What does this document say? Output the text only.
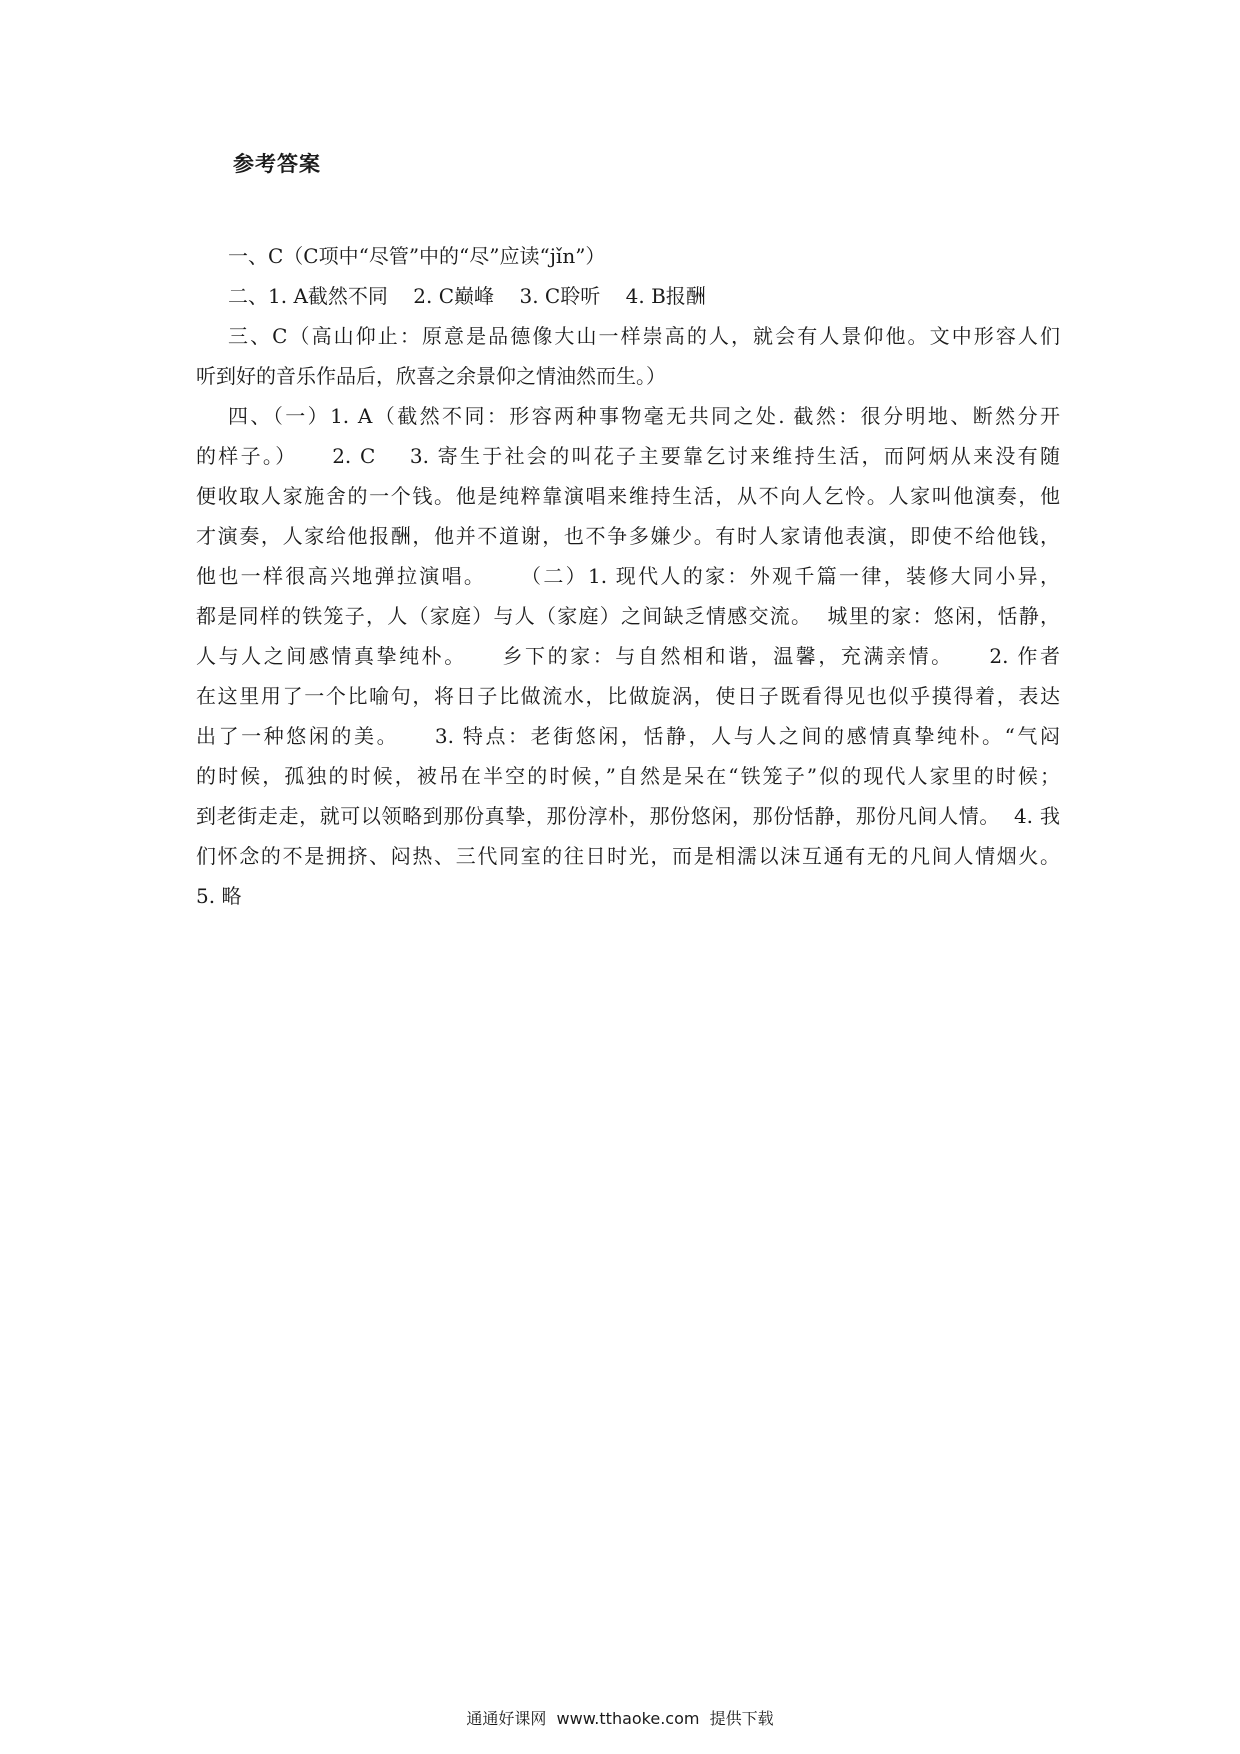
参考答案
一、C（C项中“尽管”中的“尽”应读“jǐn”）
二、1. A截然不同    2. C巅峰    3. C聆听    4. B报酬
三、C（高山仰止：原意是品德像大山一样崇高的人，就会有人景仰他。文中形容人们
听到好的音乐作品后，欣喜之余景仰之情油然而生。）
四、（一）1. A（截然不同：形容两种事物毫无共同之处. 截然：很分明地、断然分开
的样子。）    2. C    3. 寄生于社会的叫花子主要靠乞讨来维持生活，而阿炳从来没有随
便收取人家施舍的一个钱。他是纯粹靠演唱来维持生活，从不向人乞怜。人家叫他演奏，他
才演奏，人家给他报酬，他并不道谢，也不争多嫌少。有时人家请他表演，即使不给他钱，
他也一样很高兴地弹拉演唱。    （二）1. 现代人的家：外观千篇一律，装修大同小异，
都是同样的铁笼子，人（家庭）与人（家庭）之间缺乏情感交流。  城里的家：悠闲，恬静，
人与人之间感情真挚纯朴。    乡下的家：与自然相和谐，温馨，充满亲情。    2. 作者
在这里用了一个比喻句，将日子比做流水，比做旋涡，使日子既看得见也似乎摸得着，表达
出了一种悠闲的美。    3. 特点：老街悠闲，恬静，人与人之间的感情真挚纯朴。“气闷
的时候，孤独的时候，被吊在半空的时候，”自然是呆在“铁笼子”似的现代人家里的时候；
到老街走走，就可以领略到那份真挚，那份淳朴，那份悠闲，那份恬静，那份凡间人情。  4. 我
们怀念的不是拥挤、闷热、三代同室的往日时光，而是相濡以沫互通有无的凡间人情烟火。
5. 略
通通好课网  www.tthaoke.com  提供下载
